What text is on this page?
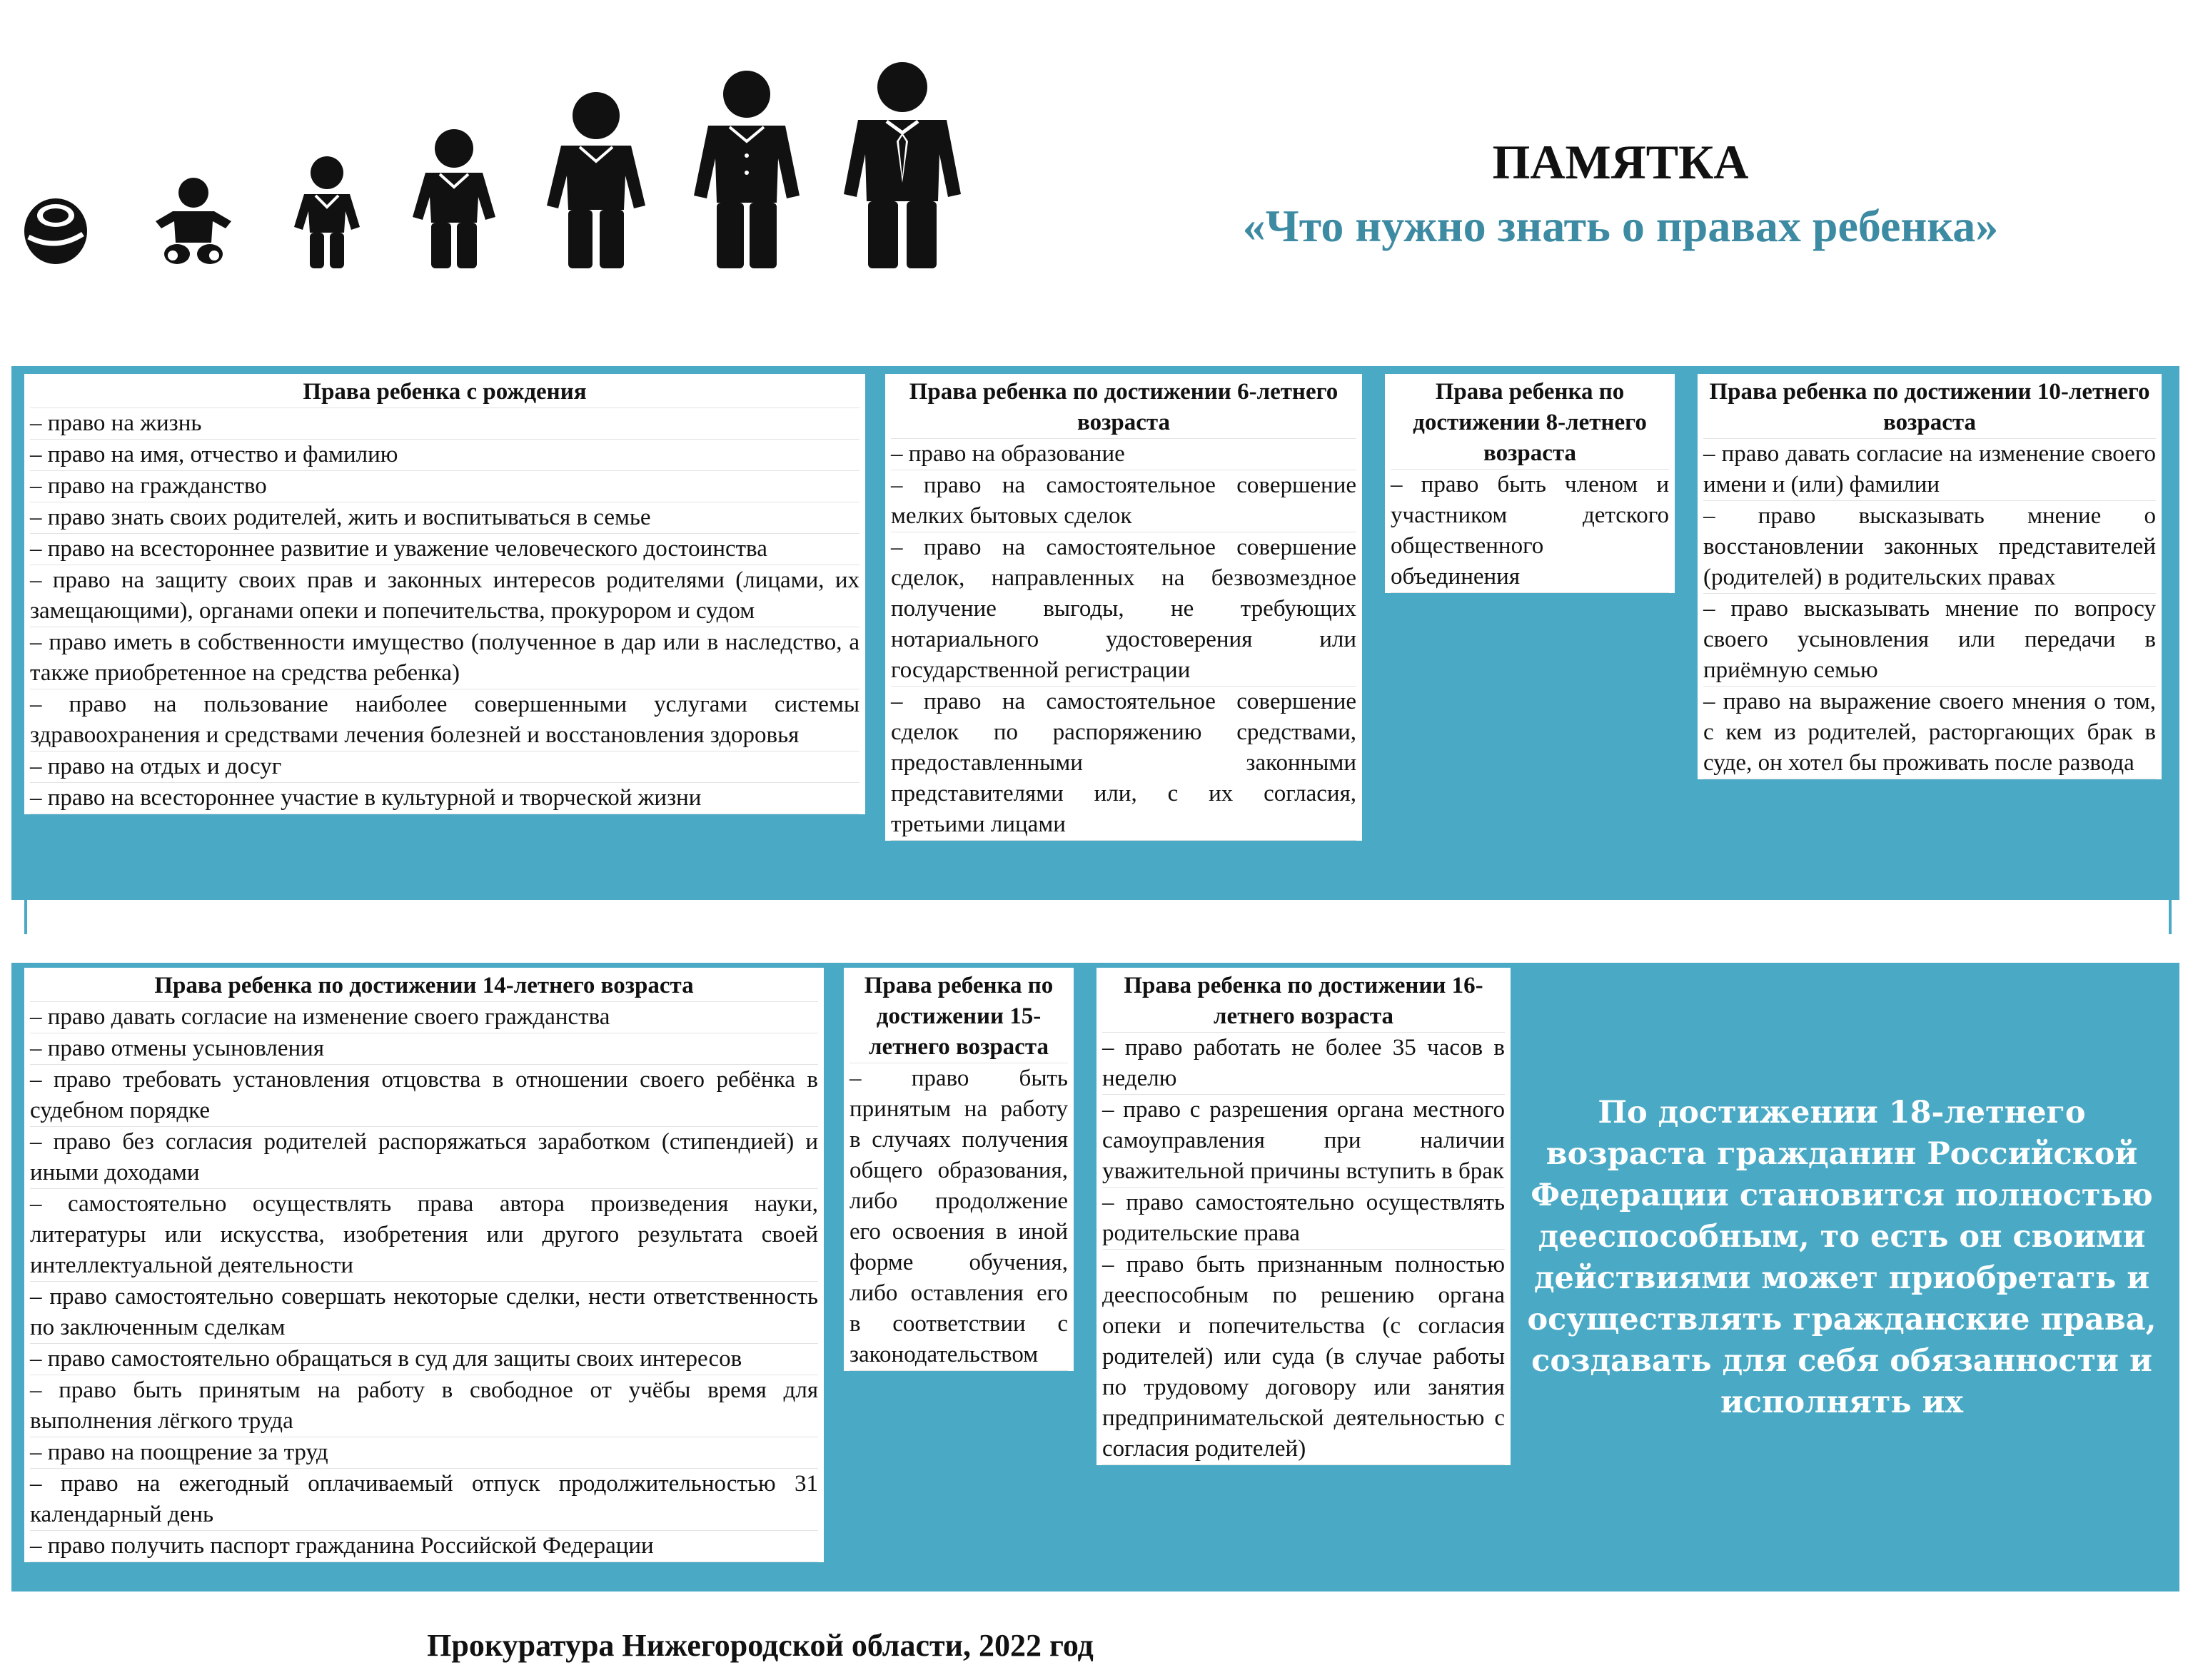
ПАМЯТКА
«Что нужно знать о правах ребенка»
Права ребенка с рождения
– право на жизнь
– право на имя, отчество и фамилию
– право на гражданство
– право знать своих родителей, жить и воспитываться в семье
– право на всестороннее развитие и уважение человеческого достоинства
– право на защиту своих прав и законных интересов родителями (лицами, их замещающими), органами опеки и попечительства, прокурором и судом
– право иметь в собственности имущество (полученное в дар или в наследство, а также приобретенное на средства ребенка)
– право на пользование наиболее совершенными услугами системы здравоохранения и средствами лечения болезней и восстановления здоровья
– право на отдых и досуг
– право на всестороннее участие в культурной и творческой жизни
Права ребенка по достижении 6-летнего возраста
– право на образование
– право на самостоятельное совершение мелких бытовых сделок
– право на самостоятельное совершение сделок, направленных на безвозмездное получение выгоды, не требующих нотариального удостоверения или государственной регистрации
– право на самостоятельное совершение сделок по распоряжению средствами, предоставленными законными представителями или, с их согласия, третьими лицами
Права ребенка по достижении 8-летнего возраста
– право быть членом и участником детского общественного объединения
Права ребенка по достижении 10-летнего возраста
– право давать согласие на изменение своего имени и (или) фамилии
– право высказывать мнение о восстановлении законных представителей (родителей) в родительских правах
– право высказывать мнение по вопросу своего усыновления или передачи в приёмную семью
– право на выражение своего мнения о том, с кем из родителей, расторгающих брак в суде, он хотел бы проживать после развода
Права ребенка по достижении 14-летнего возраста
– право давать согласие на изменение своего гражданства
– право отмены усыновления
– право требовать установления отцовства в отношении своего ребёнка в судебном порядке
– право без согласия родителей распоряжаться заработком (стипендией) и иными доходами
– самостоятельно осуществлять права автора произведения науки, литературы или искусства, изобретения или другого результата своей интеллектуальной деятельности
– право самостоятельно совершать некоторые сделки, нести ответственность по заключенным сделкам
– право самостоятельно обращаться в суд для защиты своих интересов
– право быть принятым на работу в свободное от учёбы время для выполнения лёгкого труда
– право на поощрение за труд
– право на ежегодный оплачиваемый отпуск продолжительностью 31 календарный день
– право получить паспорт гражданина Российской Федерации
Права ребенка по достижении 15-летнего возраста
– право быть принятым на работу в случаях получения общего образования, либо продолжение его освоения в иной форме обучения, либо оставления его в соответствии с законодательством
Права ребенка по достижении 16-летнего возраста
– право работать не более 35 часов в неделю
– право с разрешения органа местного самоуправления при наличии уважительной причины вступить в брак
– право самостоятельно осуществлять родительские права
– право быть признанным полностью дееспособным по решению органа опеки и попечительства (с согласия родителей) или суда (в случае работы по трудовому договору или занятия предпринимательской деятельностью с согласия родителей)
По достижении 18-летнего возраста гражданин Российской Федерации становится полностью дееспособным, то есть он своими действиями может приобретать и осуществлять гражданские права, создавать для себя обязанности и исполнять их
Прокуратура Нижегородской области, 2022 год
